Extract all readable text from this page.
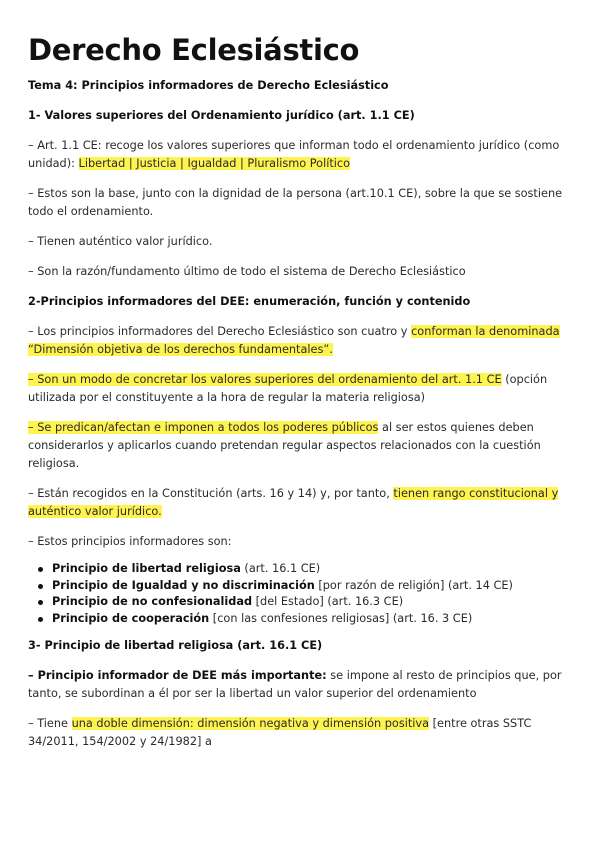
Derecho Eclesiástico

Tema 4: Principios informadores de Derecho Eclesiástico

1- Valores superiores del Ordenamiento jurídico (art. 1.1 CE)

– Art. 1.1 CE: recoge los valores superiores que informan todo el ordenamiento jurídico (como unidad): Libertad | Justicia | Igualdad | Pluralismo Político

– Estos son la base, junto con la dignidad de la persona (art.10.1 CE), sobre la que se sostiene todo el ordenamiento.

– Tienen auténtico valor jurídico.

– Son la razón/fundamento último de todo el sistema de Derecho Eclesiástico

2-Principios informadores del DEE: enumeración, función y contenido

– Los principios informadores del Derecho Eclesiástico son cuatro y conforman la denominada “Dimensión objetiva de los derechos fundamentales”.

– Son un modo de concretar los valores superiores del ordenamiento del art. 1.1 CE (opción utilizada por el constituyente a la hora de regular la materia religiosa)

– Se predican/afectan e imponen a todos los poderes públicos al ser estos quienes deben considerarlos y aplicarlos cuando pretendan regular aspectos relacionados con la cuestión religiosa.

– Están recogidos en la Constitución (arts. 16 y 14) y, por tanto, tienen rango constitucional y auténtico valor jurídico.

– Estos principios informadores son:

Principio de libertad religiosa (art. 16.1 CE)
Principio de Igualdad y no discriminación [por razón de religión] (art. 14 CE)
Principio de no confesionalidad [del Estado] (art. 16.3 CE)
Principio de cooperación [con las confesiones religiosas] (art. 16. 3 CE)

3- Principio de libertad religiosa (art. 16.1 CE)

– Principio informador de DEE más importante: se impone al resto de principios que, por tanto, se subordinan a él por ser la libertad un valor superior del ordenamiento

– Tiene una doble dimensión: dimensión negativa y dimensión positiva [entre otras SSTC 34/2011, 154/2002 y 24/1982] a
